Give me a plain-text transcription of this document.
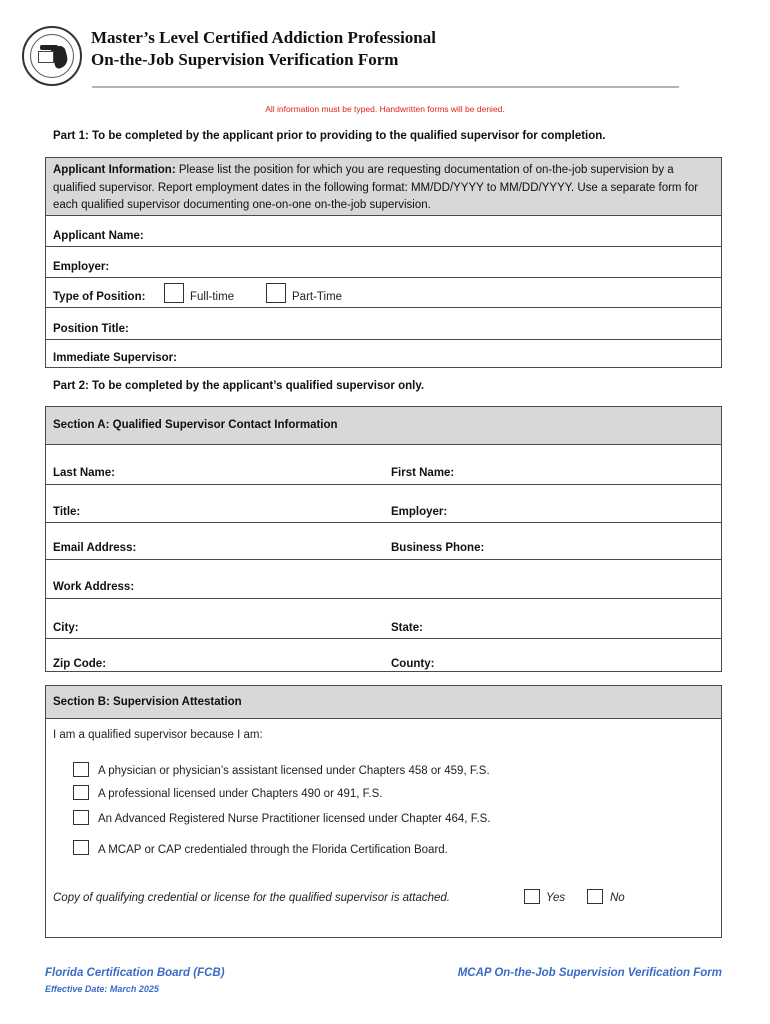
Master’s Level Certified Addiction Professional
On-the-Job Supervision Verification Form
All information must be typed. Handwritten forms will be denied.
Part 1: To be completed by the applicant prior to providing to the qualified supervisor for completion.
Applicant Information: Please list the position for which you are requesting documentation of on-the-job supervision by a qualified supervisor. Report employment dates in the following format: MM/DD/YYYY to MM/DD/YYYY. Use a separate form for each qualified supervisor documenting one-on-one on-the-job supervision.
Applicant Name:
Employer:
Type of Position:	Full-time	Part-Time
Position Title:
Immediate Supervisor:
Part 2: To be completed by the applicant’s qualified supervisor only.
Section A: Qualified Supervisor Contact Information
Last Name:	First Name:
Title:	Employer:
Email Address:	Business Phone:
Work Address:
City:	State:
Zip Code:	County:
Section B: Supervision Attestation
I am a qualified supervisor because I am:
A physician or physician’s assistant licensed under Chapters 458 or 459, F.S.
A professional licensed under Chapters 490 or 491, F.S.
An Advanced Registered Nurse Practitioner licensed under Chapter 464, F.S.
A MCAP or CAP credentialed through the Florida Certification Board.
Copy of qualifying credential or license for the qualified supervisor is attached.	Yes	No
Florida Certification Board (FCB)
Effective Date: March 2025
MCAP On-the-Job Supervision Verification Form
